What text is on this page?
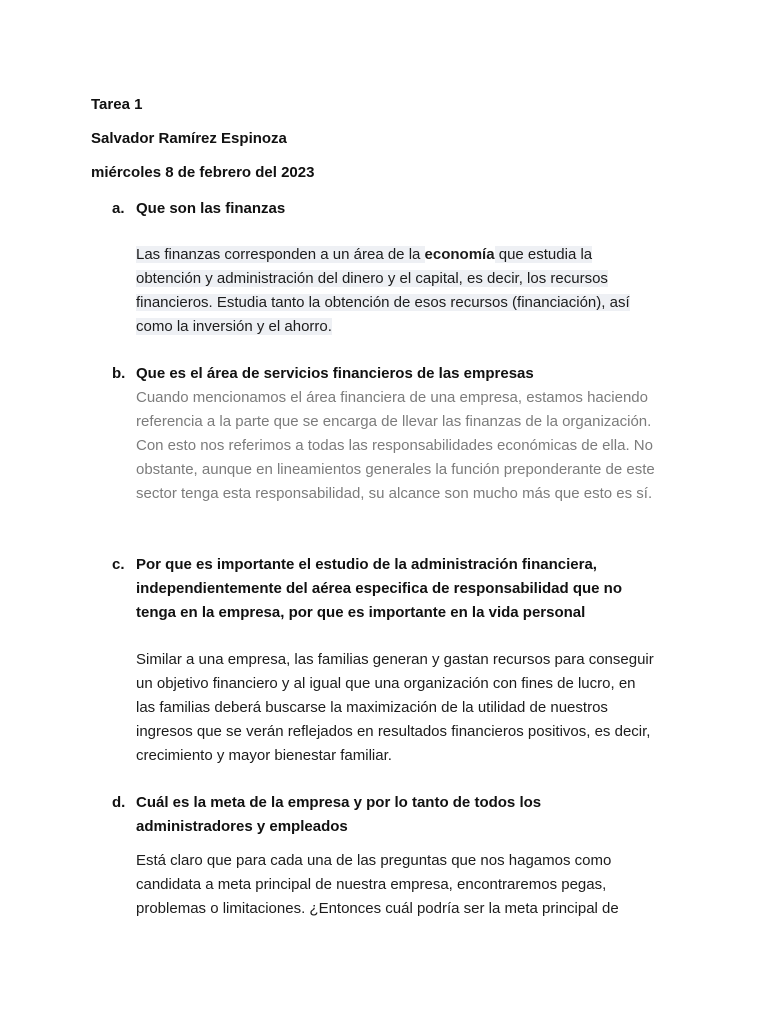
Tarea 1
Salvador Ramírez Espinoza
miércoles 8 de febrero del 2023
a. Que son las finanzas
Las finanzas corresponden a un área de la economía que estudia la obtención y administración del dinero y el capital, es decir, los recursos financieros. Estudia tanto la obtención de esos recursos (financiación), así como la inversión y el ahorro.
b. Que es el área de servicios financieros de las empresas
Cuando mencionamos el área financiera de una empresa, estamos haciendo referencia a la parte que se encarga de llevar las finanzas de la organización. Con esto nos referimos a todas las responsabilidades económicas de ella. No obstante, aunque en lineamientos generales la función preponderante de este sector tenga esta responsabilidad, su alcance son mucho más que esto es sí.
c. Por que es importante el estudio de la administración financiera, independientemente del aérea especifica de responsabilidad que no tenga en la empresa, por que es importante en la vida personal
Similar a una empresa, las familias generan y gastan recursos para conseguir un objetivo financiero y al igual que una organización con fines de lucro, en las familias deberá buscarse la maximización de la utilidad de nuestros ingresos que se verán reflejados en resultados financieros positivos, es decir, crecimiento y mayor bienestar familiar.
d. Cuál es la meta de la empresa y por lo tanto de todos los administradores y empleados
Está claro que para cada una de las preguntas que nos hagamos como candidata a meta principal de nuestra empresa, encontraremos pegas, problemas o limitaciones. ¿Entonces cuál podría ser la meta principal de
